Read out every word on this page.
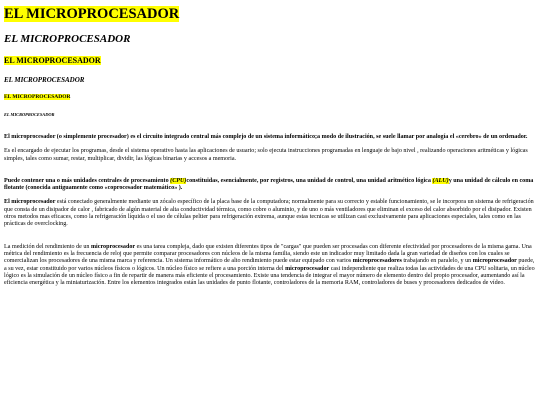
EL MICROPROCESADOR
EL MICROPROCESADOR
EL MICROPROCESADOR
EL MICROPROCESADOR
EL MICROPROCESADOR
EL MICROPROCESADOR

El microprocesador (o simplemente procesador) es el circuito integrado central más complejo de un sistema informático;a modo de ilustración, se suele llamar por analogía el «cerebro» de un ordenador.

Es el encargado de ejecutar los programas, desde el sistema operativo hasta las aplicaciones de usuario; solo ejecuta instrucciones programadas en lenguaje de bajo nivel , realizando operaciones aritméticas y lógicas simples, tales como sumar, restar, multiplicar, dividir, las lógicas binarias y accesos a memoria.

Puede contener una o más unidades centrales de procesamiento (CPU)constituidas, esencialmente, por registros, una unidad de control, una unidad aritmético lógica (ALU)y una unidad de cálculo en coma flotante (conocida antiguamente como «coprocesador matemático» ).

El microprocesador está conectado generalmente mediante un zócalo específico de la placa base de la computadora; normalmente para su correcto y estable funcionamiento, se le incorpora un sistema de refrigeración que consta de un disipador de calor , fabricado de algún material de alta conductividad térmica, como cobre o aluminio, y de uno o más ventiladores que eliminan el exceso del calor absorbido por el disipador. Existen otros metodos mas eficaces, como la refrigeración líquida o el uso de células peltier para refrigeración extrema, aunque estas tecnicas se utilizan casi exclusivamente para aplicaciones especiales, tales como en las prácticas de overclocking.

La medición del rendimiento de un microprocesador es una tarea compleja, dado que existen diferentes tipos de "cargas" que pueden ser procesadas con diferente efectividad por procesadores de la misma gama. Una métrica del rendimiento es la frecuencia de reloj que permite comparar procesadores con núcleos de la misma familia, siendo este un indicador muy limitado dada la gran variedad de diseños con los cuales se comercializan los procesadores de una misma marca y referencia. Un sistema informático de alto rendimiento puede estar equipado con varios microprocesadores trabajando en paralelo, y un microprocesador puede, a su vez, estar constituido por varios núcleos físicos o lógicos. Un núcleo físico se refiere a una porción interna del microprocesador casi independiente que realiza todas las actividades de una CPU solitaria, un núcleo lógico es la simulación de un núcleo físico a fin de repartir de manera más eficiente el procesamiento. Existe una tendencia de integrar el mayor número de elemento dentro del propio procesador, aumentando así la eficiencia energética y la miniaturización. Entre los elementos integrados están las unidades de punto flotante, controladores de la memoria RAM, controladores de buses y procesadores dedicados de vídeo.
